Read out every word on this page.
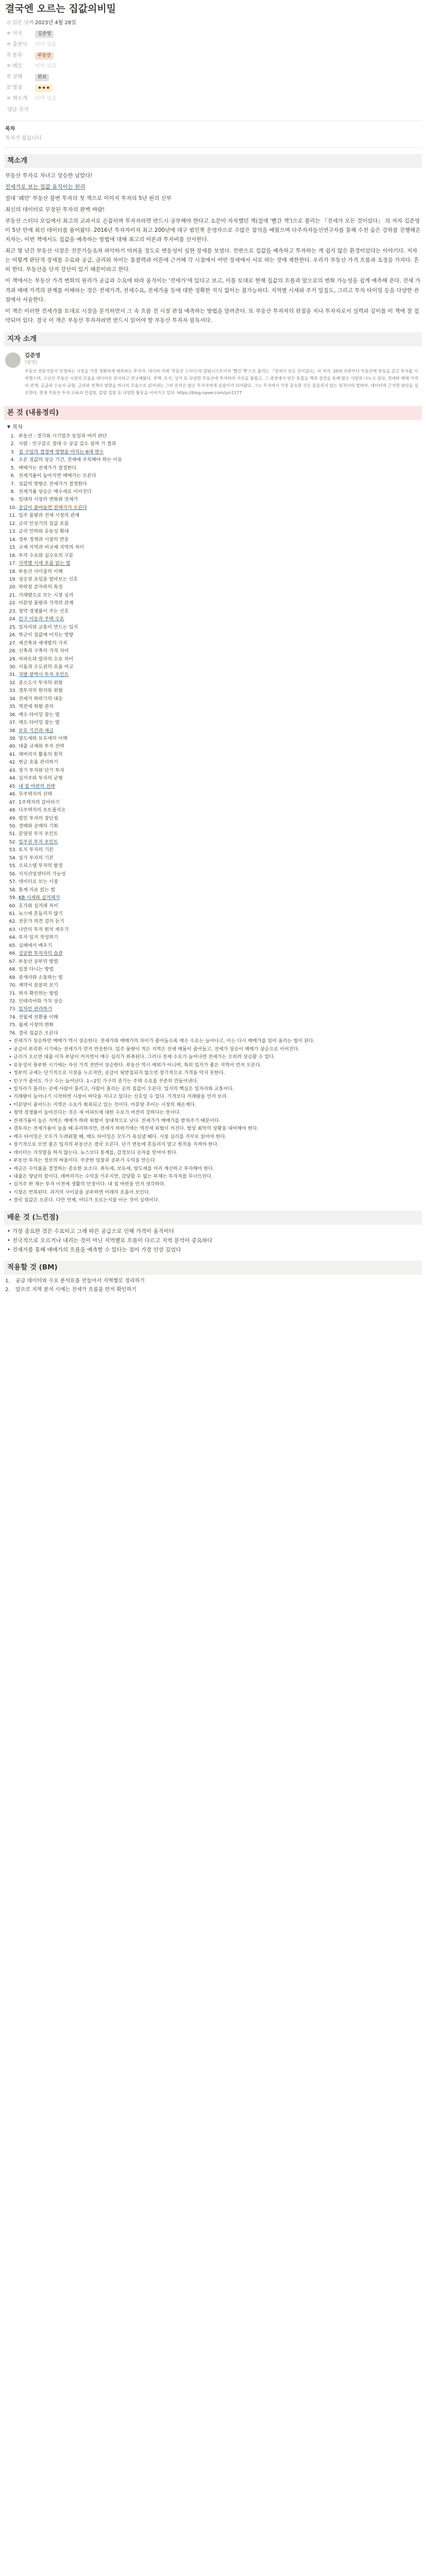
결국엔 오르는 집값의비밀
◷ 읽은 날짜 2023년 4월 28일
≡ 저자	김준영
≡ 출판사	비어 있음
☰ 분류	부동산
≡ 메모	비어 있음
☰ 상태	완료
☰ 별점	★★★
≡ 책소개	비어 있음
댓글 추가
목차
목차가 없습니다
책소개

부동산 투자로 자녀고 상승한 남았다!

전세가로 보는 집값 움직이는 원리

절대 '왜만' 부동산 불변 투자의 첫 책으로 이미지 투자의 5년 뭔의 신부

최신의 데이터로 무장된 투자의 완벽 바람!

부동산 스터디 모임에서 최고의 교과서로 손꼽히며 투자자라면 반드시 공부해야 한다고 소문이 자자했던 책(집에 '빨간 책')으로 불리는 『전세가 모든 것이었다』 의 저자 김준영이 5년 만에 최신 데이터를 품어왔다. 2016년 투자자이자 최고 200년에 대구 범민쪽 운영자으로 수많은 참석을 배웠으며 다주자자들선연구자를 통해 수천 숲은 강하를 진행해온 저자는, 이번 책에서도 집값을 예측하는 방법에 대해 최고의 이론과 투자비를 선사한다.

최근 몇 년간 부동산 시장은 전문가들조차 파악하기 어려울 정도로 변동성이 심한 장세를 보였다. 전반으로 집값을 예측하고 투자하는 게 쉽지 않은 환경이었다는 이야기다. 저자는 이렇게 판단적 장세를 수요와 공급, 금리와 차이는 통찰력과 이론에 근거해 각 시점에서 어떤 장세에서 서로 하는 것에 제한한다. 우리가 부동산 가격 흐름과 조정을 가지다. 흔히 한다. 부동산을 단지 강산이 있기 때문이라고 한다.

이 책에서는 부동산 가격 변화의 원리가 공급과 수요에 따라 움직이는 '전세가'에 있다고 보고, 이를 토대로 현재 집값의 흐름과 앞으로의 변화 가능성을 쉽게 예측해 준다. 전세 가격과 매매 가격의 관계를 이해하는 것은 전세가격, 전세수요, 전세가율 등에 대한 정확한 지식 없이는 불가능하다. 지역별 시세와 주거 밀집도, 그리고 투자 타이밍 등을 다양한 관점에서 서술한다.

이 책은 이러한 전세가를 토대로 시장을 분석하면서 그 속 흐름 전 시장 관점 예측하는 방법을 알려준다. 또 부동산 투자자의 관점을 지나 투자자로서 실력과 깊이를 이 책에 잘 집약되어 있다. 결국 이 책은 부동산 투자자라면 반드시 읽어야 할 부동산 투자자 필독서다.

지자 소개
김준영
(필명)
부동산 전문가들이 인정하는 시장을 가장 정확하게 예측하는 투자자. 네이버 카페 '부동산 스터디'의 칼럼니스트이자 '빨간 책'으로 불리는 『전세가 모든 것이었다』의 저자. 20대 초반부터 부동산에 관심을 갖고 투자를 시작했으며, 수년간 부동산 시장의 흐름을 데이터로 분석하고 연구해왔다. 주택, 토지, 상가 등 다양한 부동산에 투자하며 자산을 불렸고, 그 과정에서 얻은 통찰을 책과 강연을 통해 많은 사람과 나누고 있다. 전세와 매매 가격의 관계, 공급과 수요의 균형, 금리와 정책의 영향을 하나의 흐름으로 읽어내는 그의 분석은 많은 투자자에게 길잡이가 되어왔다. 그는 투자에서 가장 중요한 것은 흔들리지 않는 원칙이라 말하며, 데이터에 근거한 판단을 강조한다. 현재 부동산 투자 교육과 컨설팅, 칼럼 집필 등 다양한 활동을 이어가고 있다. https://blog.naver.com/jun1177
본 것 (내용정리)
▼ 목차
1. 부동산 : 경기와 시기업주 동일과 여러 판단
2. 사람 : 인구감소 절대 수 공급 감소 살펴 기 결과
3. 집 구입의 결정에 영향을 미치는 6대 변수
4. 오른 집값의 상승 기간, 전세에 주목해야 하는 이유
5. 매매가는 전세가가 결정한다
6. 전세가율이 높아지면 매매가는 오른다
7. 집값의 방향은 전세가가 결정한다
8. 전세가율 상승은 매수세로 이어진다
9. 임대차 시장의 변화와 전세가
10. 공급이 줄어들면 전세가가 오른다
11. 입주 물량과 전세 시장의 관계
12. 금리 인상기의 집값 흐름
13. 금리 인하와 유동성 확대
14. 정부 정책과 시장의 반응
15. 규제 지역과 비규제 지역의 차이
16. 투자 수요와 실수요의 구분
17. 지역별 시세 흐름 읽는 법
18. 부동산 사이클의 이해
19. 상승장 초입을 알아보는 신호
20. 하락장 끝자락의 특징
21. 거래량으로 보는 시장 심리
22. 미분양 물량과 가격의 관계
23. 청약 경쟁률이 주는 신호
24. 인구 이동과 주택 수요
25. 일자리와 교통이 만드는 입지
26. 학군이 집값에 미치는 영향
27. 재건축과 재개발의 가치
28. 신축과 구축의 가격 차이
29. 아파트와 빌라의 수요 차이
30. 서울과 수도권의 흐름 비교
31. 지방 광역시 투자 포인트
32. 중소도시 투자의 위험
33. 갭투자의 원리와 위험
34. 전세가 하락기의 대응
35. 역전세 위험 관리
36. 매수 타이밍 잡는 법
37. 매도 타이밍 잡는 법
38. 보유 기간과 세금
39. 양도세와 보유세의 이해
40. 대출 규제와 투자 전략
41. 레버리지 활용의 원칙
42. 현금 흐름 관리하기
43. 장기 투자와 단기 투자
44. 실거주와 투자의 균형
45. 내 집 마련의 전략
46. 무주택자의 선택
47. 1주택자의 갈아타기
48. 다주택자의 포트폴리오
49. 법인 투자의 장단점
50. 경매와 공매의 기회
51. 분양권 투자 포인트
52. 입주권 투자 포인트
53. 토지 투자의 기본
54. 상가 투자의 기본
55. 오피스텔 투자의 함정
56. 지식산업센터의 가능성
57. 데이터로 보는 시장
58. 통계 자료 읽는 법
59. KB 시세와 실거래가
60. 호가와 실거래 차이
61. 뉴스에 흔들리지 않기
62. 전문가 의견 걸러 듣기
63. 나만의 투자 원칙 세우기
64. 투자 일지 작성하기
65. 실패에서 배우기
66. 성공한 투자자의 습관
67. 부동산 공부의 방법
68. 임장 다니는 방법
69. 중개사와 소통하는 법
70. 계약서 꼼꼼히 보기
71. 하자 확인하는 방법
72. 인테리어와 가치 상승
73. 임차인 관리하기
74. 전월세 전환율 이해
75. 월세 시장의 변화
76. 결국 집값은 오른다
• 전세가가 상승하면 매매가 역시 상승한다. 전세가와 매매가의 차이가 줄어들수록 매수 수요는 늘어나고, 이는 다시 매매가를 밀어 올리는 힘이 된다.
• 공급이 부족한 시기에는 전세가가 먼저 반응한다. 입주 물량이 적은 지역은 전세 매물이 줄어들고, 전세가 상승이 매매가 상승으로 이어진다.
• 금리가 오르면 대출 이자 부담이 커지면서 매수 심리가 위축된다. 그러나 전세 수요가 늘어나면 전세가는 오히려 상승할 수 있다.
• 유동성이 풍부한 시기에는 자산 가격 전반이 상승한다. 부동산 역시 예외가 아니며, 특히 입지가 좋은 지역이 먼저 오른다.
• 정부의 규제는 단기적으로 시장을 누르지만, 공급이 뒷받침되지 않으면 장기적으로 가격을 막지 못한다.
• 인구가 줄어도 가구 수는 늘어난다. 1~2인 가구의 증가는 주택 수요를 꾸준히 만들어낸다.
• 일자리가 몰리는 곳에 사람이 몰리고, 사람이 몰리는 곳의 집값이 오른다. 입지의 핵심은 일자리와 교통이다.
• 거래량이 늘어나기 시작하면 시장이 바닥을 지나고 있다는 신호일 수 있다. 가격보다 거래량을 먼저 보라.
• 미분양이 줄어드는 지역은 수요가 회복되고 있는 것이다. 미분양 추이는 시장의 체온계다.
• 청약 경쟁률이 높아진다는 것은 새 아파트에 대한 수요가 여전히 강하다는 뜻이다.
• 전세가율이 높은 지역은 매매가 하락 위험이 상대적으로 낮다. 전세가가 매매가를 받쳐주기 때문이다.
• 갭투자는 전세가율이 높을 때 유리하지만, 전세가 하락기에는 역전세 위험이 커진다. 항상 최악의 상황을 대비해야 한다.
• 매수 타이밍은 모두가 두려워할 때, 매도 타이밍은 모두가 욕심낼 때다. 시장 심리를 거꾸로 읽어야 한다.
• 장기적으로 보면 좋은 입지의 부동산은 결국 오른다. 단기 변동에 흔들리지 말고 원칙을 지켜야 한다.
• 데이터는 거짓말을 하지 않는다. 뉴스보다 통계를, 감정보다 숫자를 믿어야 한다.
• 부동산 투자는 정보의 싸움이다. 꾸준한 임장과 공부가 수익을 만든다.
• 세금은 수익률을 결정하는 중요한 요소다. 취득세, 보유세, 양도세를 미리 계산하고 투자해야 한다.
• 대출은 양날의 칼이다. 레버리지는 수익을 키우지만, 감당할 수 없는 부채는 투자자를 무너뜨린다.
• 실거주 한 채는 투자 이전에 생활의 안정이다. 내 집 마련을 먼저 생각하라.
• 시장은 반복된다. 과거의 사이클을 공부하면 미래의 흐름이 보인다.
• 결국 집값은 오른다. 다만 언제, 어디가 오르는지를 아는 것이 실력이다.
배운 것 (느낀점)
• 가장 중요한 것은 수요이고 그래 따른 공급으로 인해 가격이 움직이다
• 전국적으로 오르거나 내리는 것이 아닌 지역별로 흐름이 다르고 지역 분석이 중요하다
• 전세가를 통해 매매가의 흐름을 예측할 수 있다는 점이 가장 인상 깊었다
적용할 것 (BM)
1.	공급 데이터와 수요 분석표를 만들어서 지역별로 정리하기
2.	앞으로 지역 분석 시에는 전세가 흐름을 먼저 확인하기
